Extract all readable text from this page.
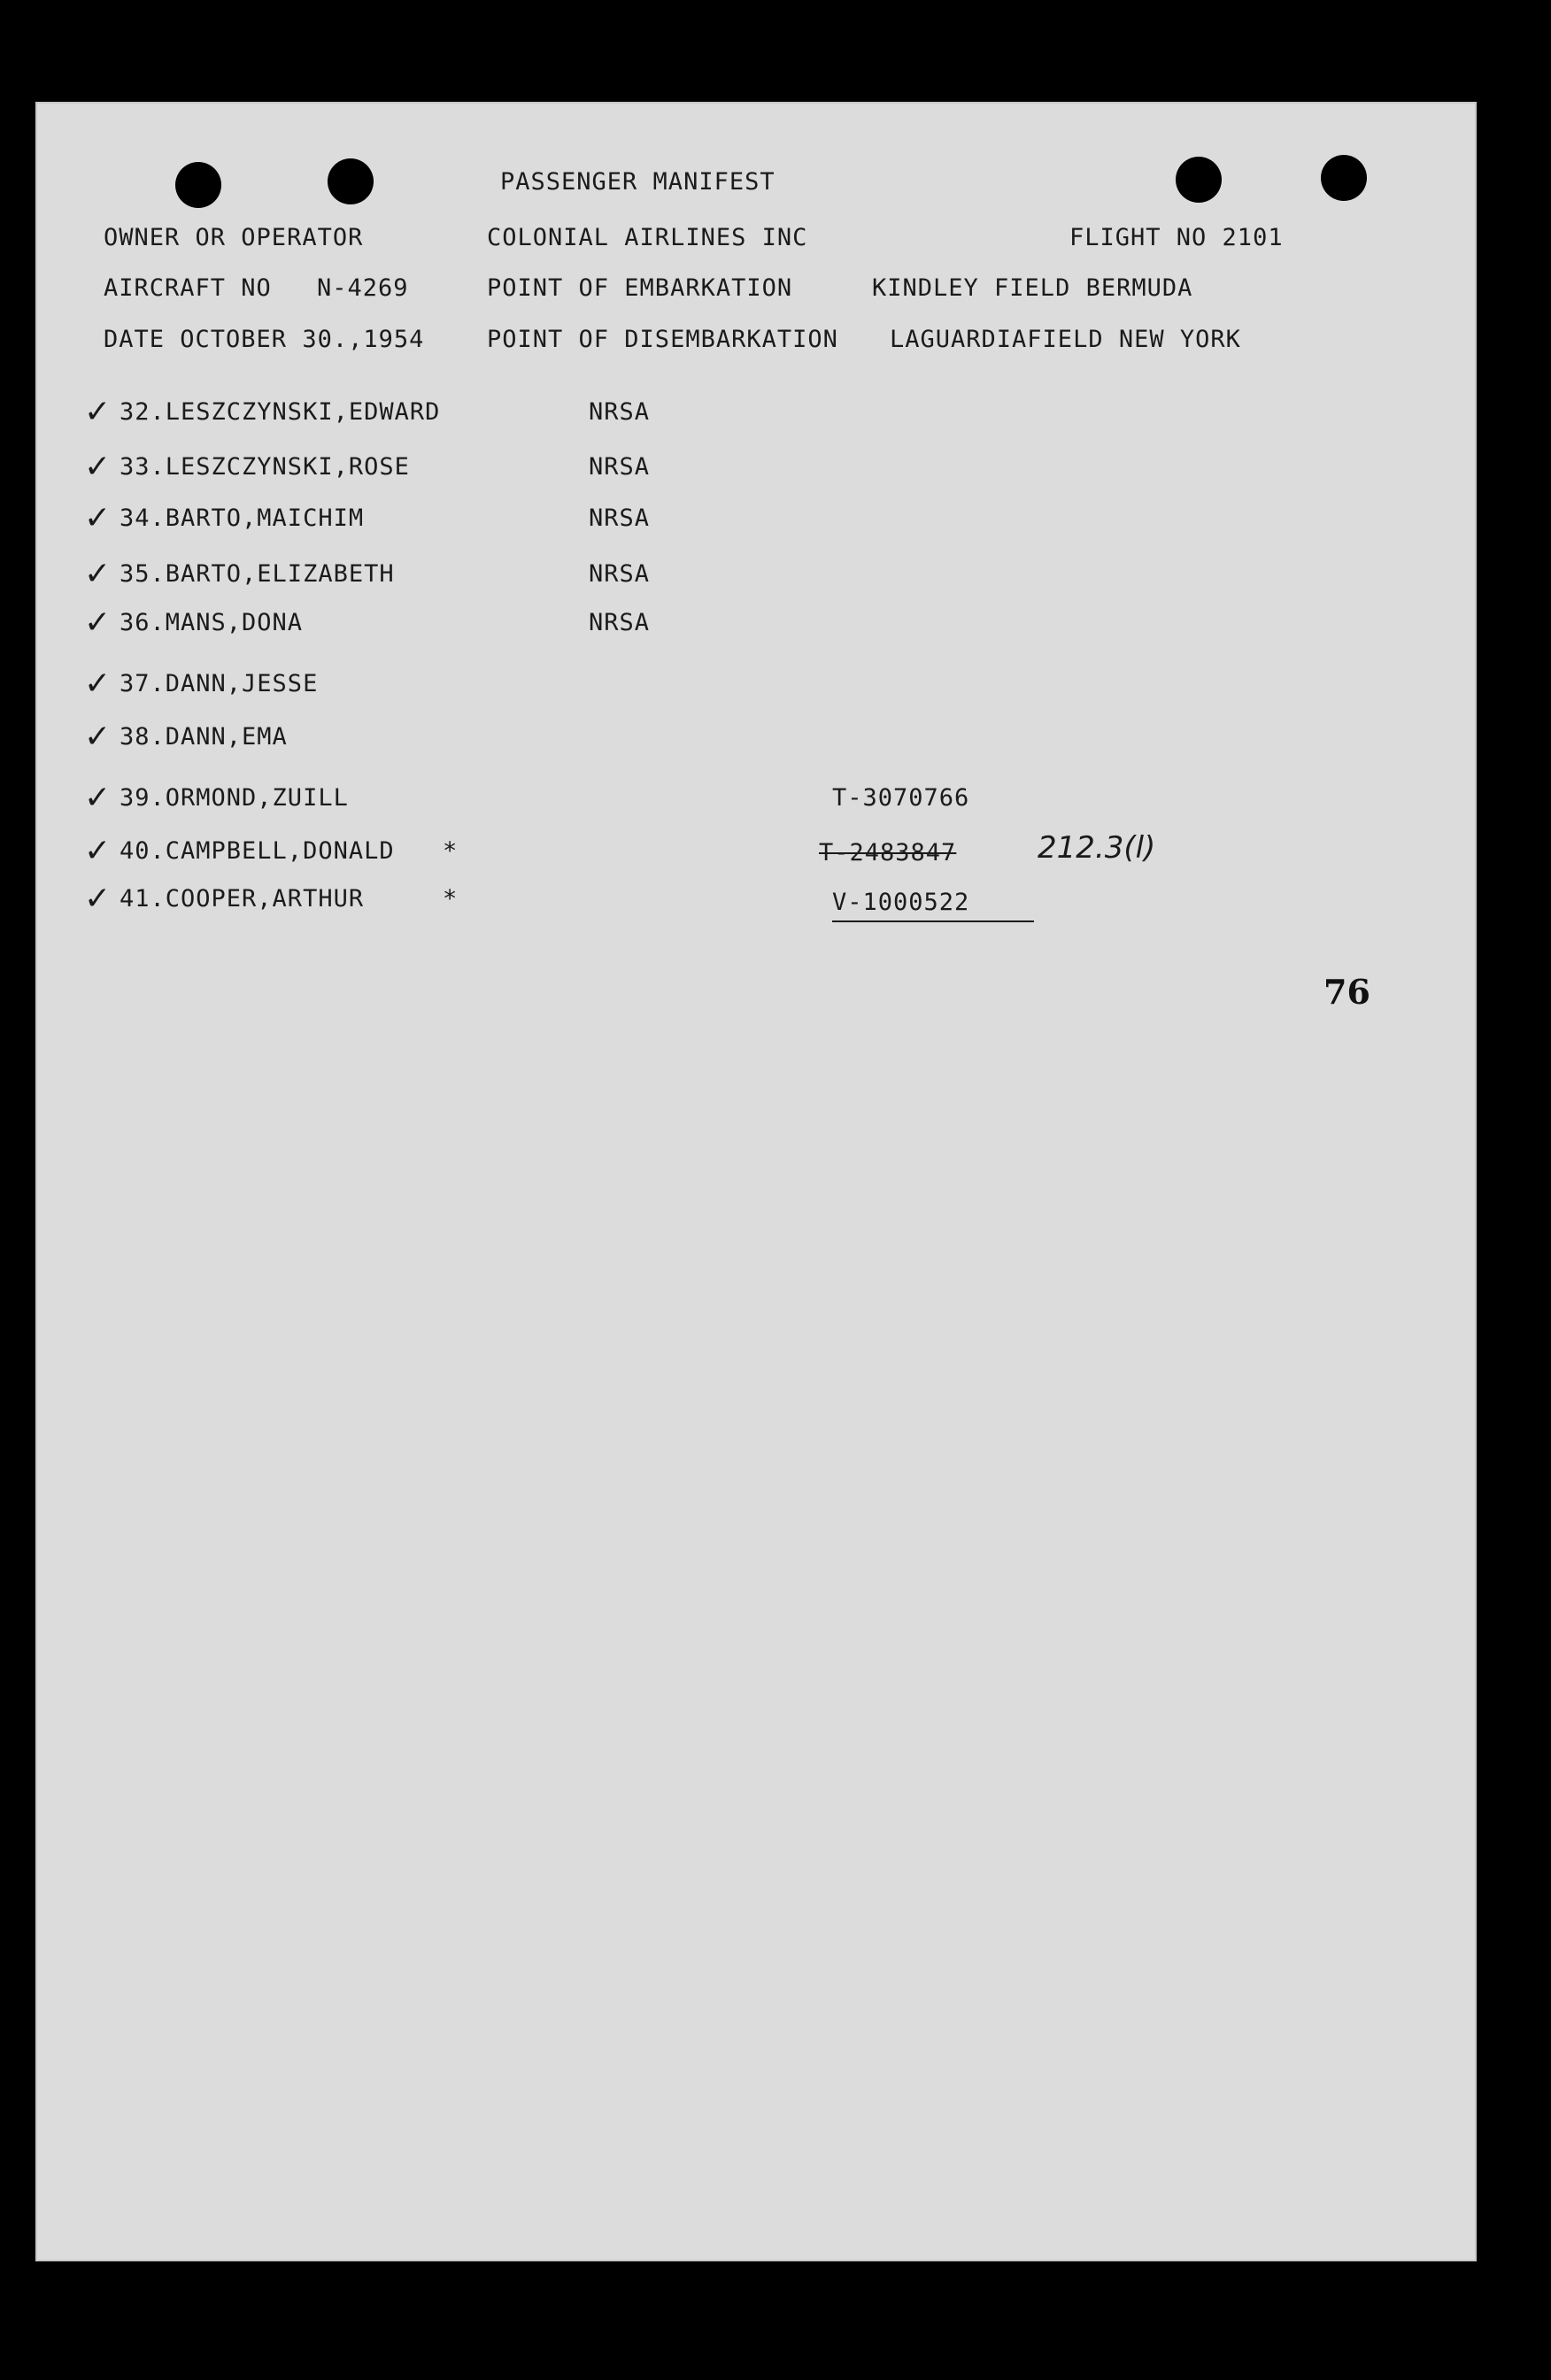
PASSENGER MANIFEST
OWNER OR OPERATOR	COLONIAL AIRLINES INC	FLIGHT NO 2101
AIRCRAFT NO N-4269	POINT OF EMBARKATION	KINDLEY FIELD BERMUDA
DATE OCTOBER 30.,1954	POINT OF DISEMBARKATION LAGUARDIAFIELD NEW YORK
✓ 32.LESZCZYNSKI,EDWARD	NRSA
✓ 33.LESZCZYNSKI,ROSE	NRSA
✓ 34.BARTO,MAICHIM	NRSA
✓ 35.BARTO,ELIZABETH	NRSA
✓ 36.MANS,DONA	NRSA
✓ 37.DANN,JESSE
✓ 38.DANN,EMA
✓ 39.ORMOND,ZUILL	T-3070766
✓ 40.CAMPBELL,DONALD *	T-2483847	212.3(l)
✓ 41.COOPER,ARTHUR	*	V-1000522
76
